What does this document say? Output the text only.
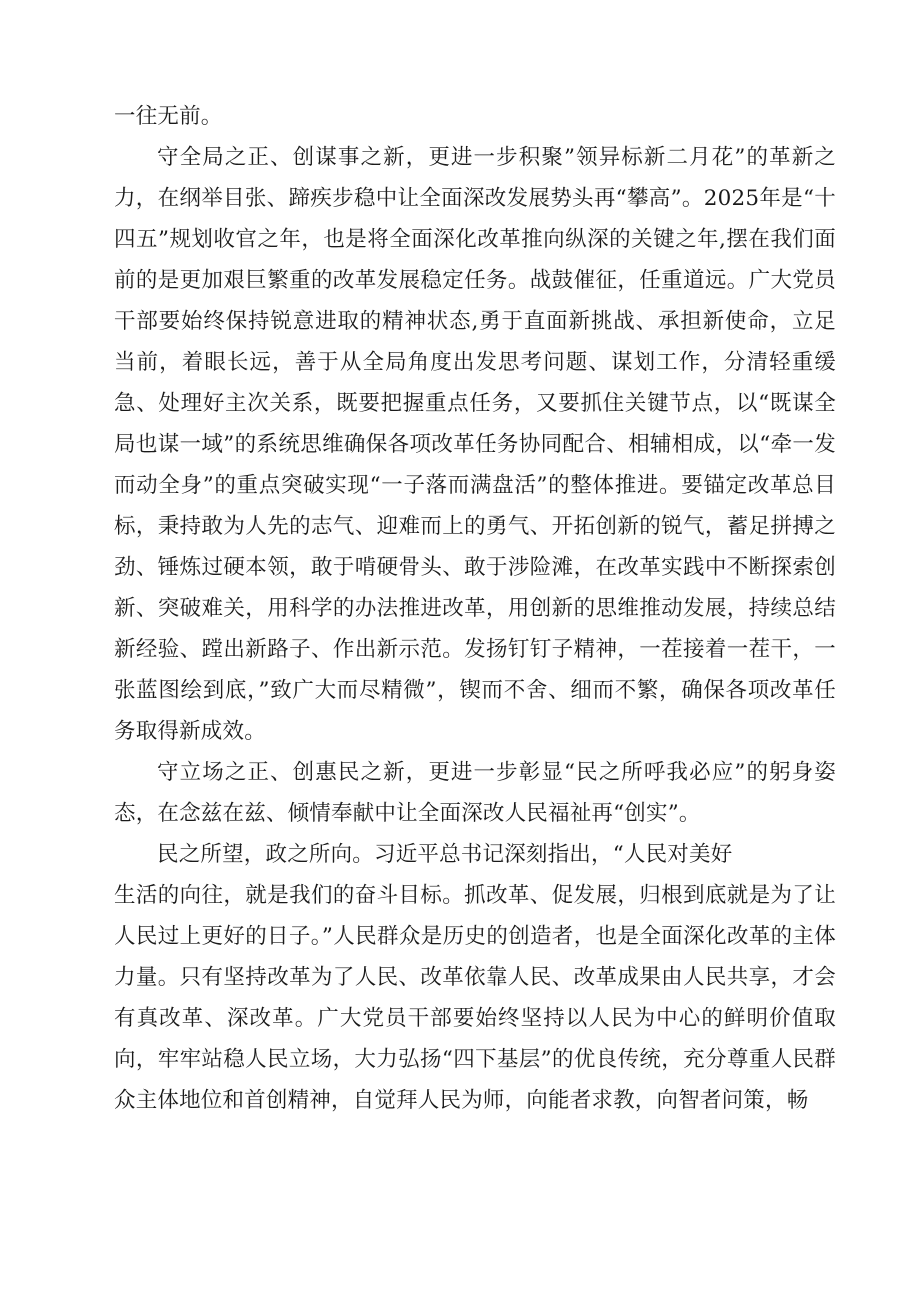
一往无前。

守全局之正、创谋事之新，更进一步积聚”领异标新二月花”的革新之力，在纲举目张、蹄疾步稳中让全面深改发展势头再“攀高”。2025年是“十四五”规划收官之年，也是将全面深化改革推向纵深的关键之年,摆在我们面前的是更加艰巨繁重的改革发展稳定任务。战鼓催征，任重道远。广大党员干部要始终保持锐意进取的精神状态,勇于直面新挑战、承担新使命，立足当前，着眼长远，善于从全局角度出发思考问题、谋划工作，分清轻重缓急、处理好主次关系，既要把握重点任务，又要抓住关键节点，以“既谋全局也谋一域”的系统思维确保各项改革任务协同配合、相辅相成，以“牵一发而动全身”的重点突破实现“一子落而满盘活”的整体推进。要锚定改革总目标，秉持敢为人先的志气、迎难而上的勇气、开拓创新的锐气，蓄足拼搏之劲、锤炼过硬本领，敢于啃硬骨头、敢于涉险滩，在改革实践中不断探索创新、突破难关，用科学的办法推进改革，用创新的思维推动发展，持续总结新经验、蹚出新路子、作出新示范。发扬钉钉子精神，一茬接着一茬干，一张蓝图绘到底，”致广大而尽精微”，锲而不舍、细而不繁，确保各项改革任务取得新成效。

守立场之正、创惠民之新，更进一步彰显“民之所呼我必应”的躬身姿态，在念兹在兹、倾情奉献中让全面深改人民福祉再“创实”。

民之所望，政之所向。习近平总书记深刻指出，“人民对美好

生活的向往，就是我们的奋斗目标。抓改革、促发展，归根到底就是为了让人民过上更好的日子。”人民群众是历史的创造者，也是全面深化改革的主体力量。只有坚持改革为了人民、改革依靠人民、改革成果由人民共享，才会有真改革、深改革。广大党员干部要始终坚持以人民为中心的鲜明价值取向，牢牢站稳人民立场，大力弘扬“四下基层”的优良传统，充分尊重人民群众主体地位和首创精神，自觉拜人民为师，向能者求教，向智者问策，畅
